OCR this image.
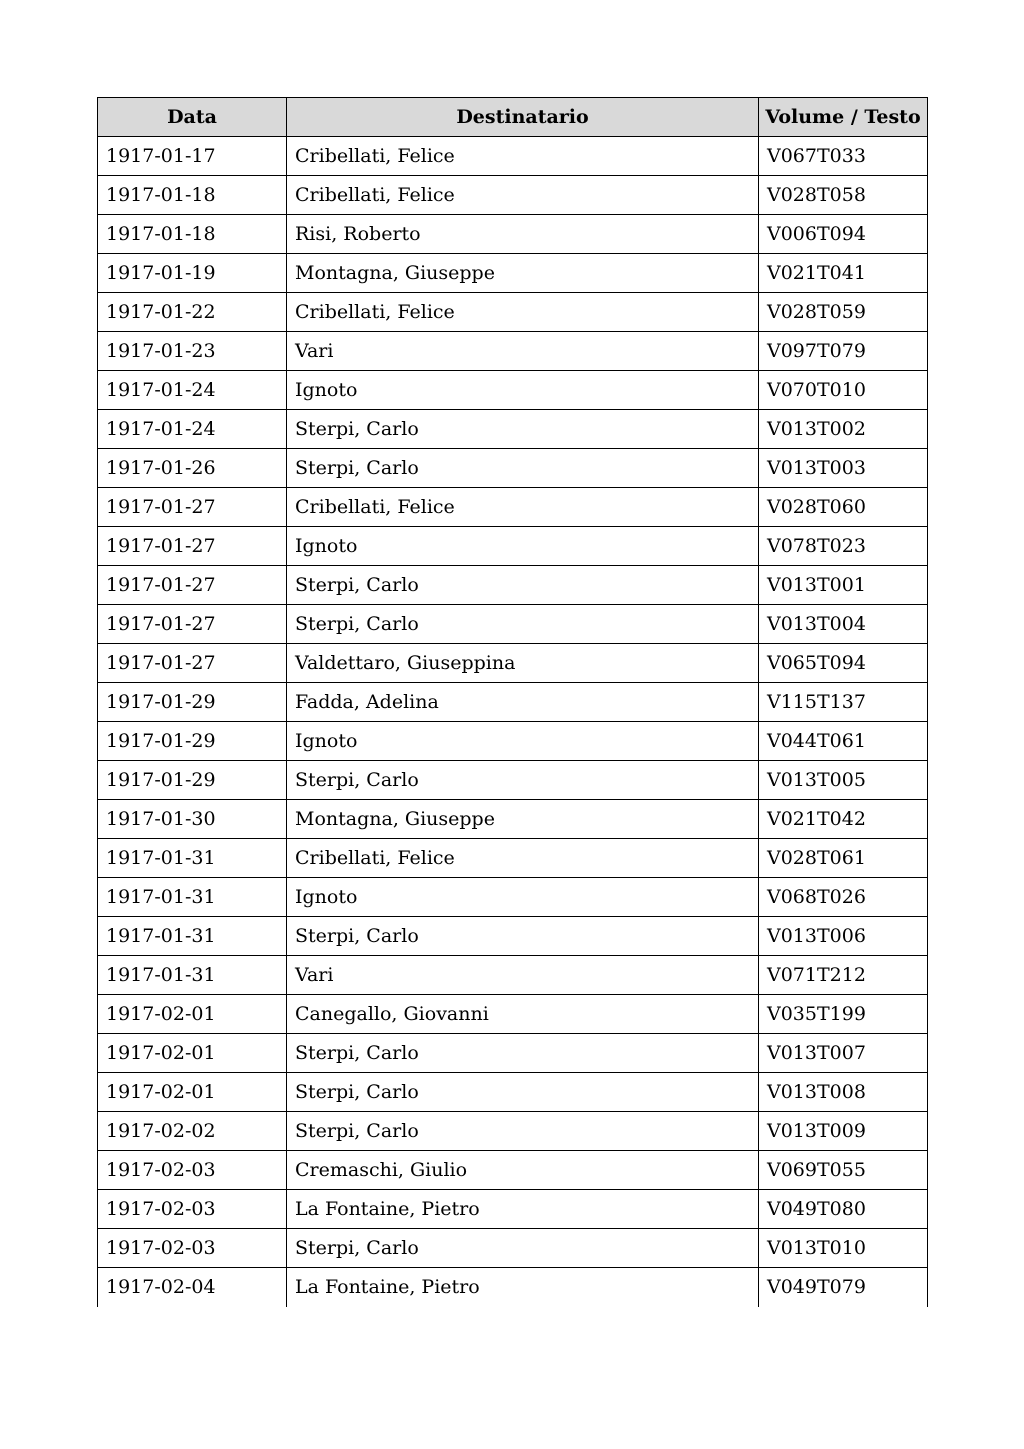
Data	Destinatario	Volume / Testo
1917-01-17	Cribellati, Felice	V067T033
1917-01-18	Cribellati, Felice	V028T058
1917-01-18	Risi, Roberto	V006T094
1917-01-19	Montagna, Giuseppe	V021T041
1917-01-22	Cribellati, Felice	V028T059
1917-01-23	Vari	V097T079
1917-01-24	Ignoto	V070T010
1917-01-24	Sterpi, Carlo	V013T002
1917-01-26	Sterpi, Carlo	V013T003
1917-01-27	Cribellati, Felice	V028T060
1917-01-27	Ignoto	V078T023
1917-01-27	Sterpi, Carlo	V013T001
1917-01-27	Sterpi, Carlo	V013T004
1917-01-27	Valdettaro, Giuseppina	V065T094
1917-01-29	Fadda, Adelina	V115T137
1917-01-29	Ignoto	V044T061
1917-01-29	Sterpi, Carlo	V013T005
1917-01-30	Montagna, Giuseppe	V021T042
1917-01-31	Cribellati, Felice	V028T061
1917-01-31	Ignoto	V068T026
1917-01-31	Sterpi, Carlo	V013T006
1917-01-31	Vari	V071T212
1917-02-01	Canegallo, Giovanni	V035T199
1917-02-01	Sterpi, Carlo	V013T007
1917-02-01	Sterpi, Carlo	V013T008
1917-02-02	Sterpi, Carlo	V013T009
1917-02-03	Cremaschi, Giulio	V069T055
1917-02-03	La Fontaine, Pietro	V049T080
1917-02-03	Sterpi, Carlo	V013T010
1917-02-04	La Fontaine, Pietro	V049T079
